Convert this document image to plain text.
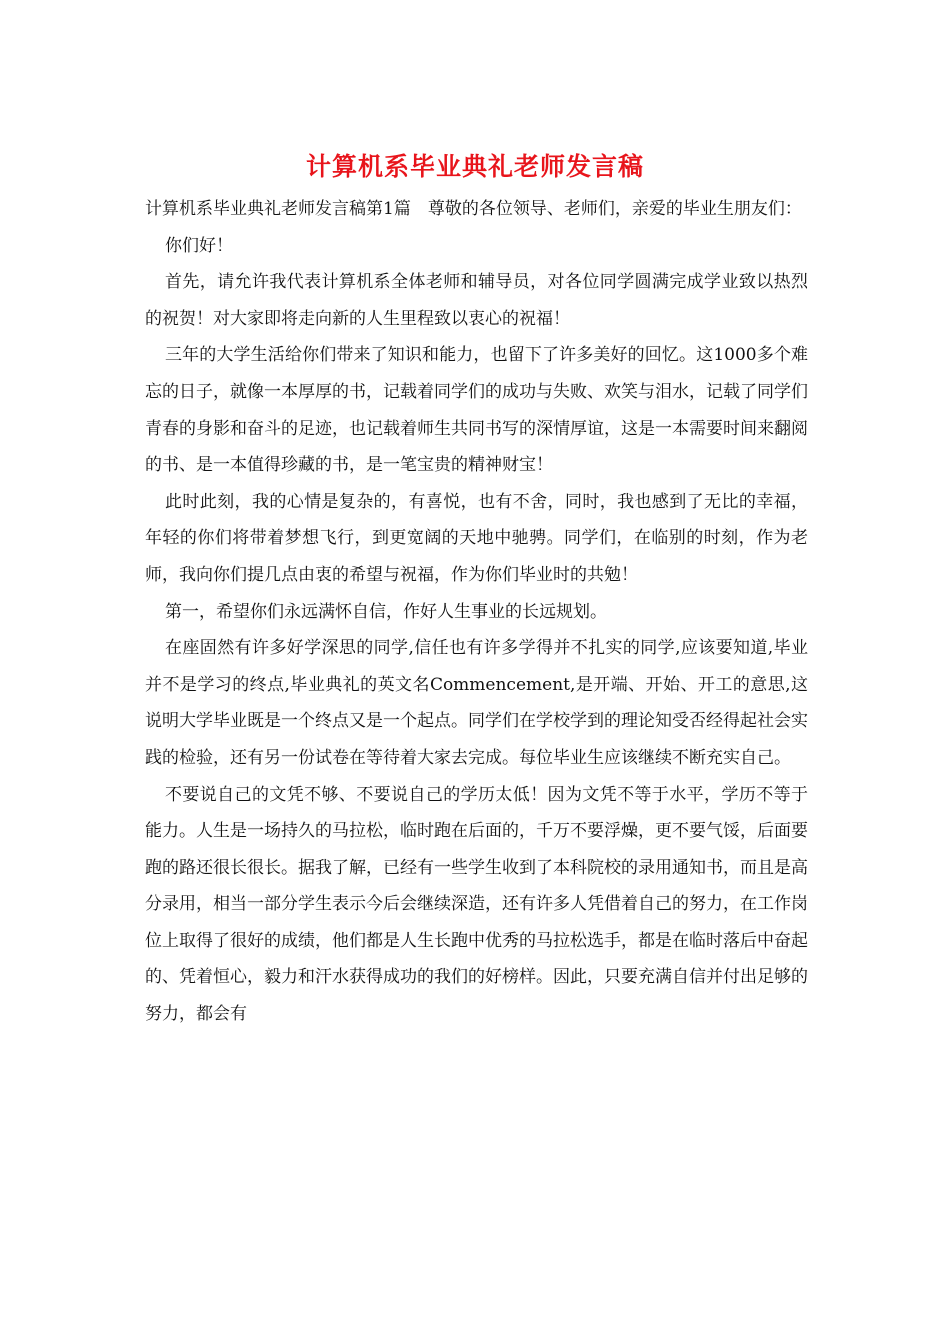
计算机系毕业典礼老师发言稿

计算机系毕业典礼老师发言稿第1篇　尊敬的各位领导、老师们，亲爱的毕业生朋友们：

你们好！

首先，请允许我代表计算机系全体老师和辅导员，对各位同学圆满完成学业致以热烈的祝贺！对大家即将走向新的人生里程致以衷心的祝福！

三年的大学生活给你们带来了知识和能力，也留下了许多美好的回忆。这1000多个难忘的日子，就像一本厚厚的书，记载着同学们的成功与失败、欢笑与泪水，记载了同学们青春的身影和奋斗的足迹，也记载着师生共同书写的深情厚谊，这是一本需要时间来翻阅的书、是一本值得珍藏的书，是一笔宝贵的精神财宝！

此时此刻，我的心情是复杂的，有喜悦，也有不舍，同时，我也感到了无比的幸福，年轻的你们将带着梦想飞行，到更宽阔的天地中驰骋。同学们，在临别的时刻，作为老师，我向你们提几点由衷的希望与祝福，作为你们毕业时的共勉！

第一，希望你们永远满怀自信，作好人生事业的长远规划。

在座固然有许多好学深思的同学,信任也有许多学得并不扎实的同学,应该要知道,毕业并不是学习的终点,毕业典礼的英文名Commencement,是开端、开始、开工的意思,这说明大学毕业既是一个终点又是一个起点。同学们在学校学到的理论知受否经得起社会实践的检验，还有另一份试卷在等待着大家去完成。每位毕业生应该继续不断充实自己。

不要说自己的文凭不够、不要说自己的学历太低！因为文凭不等于水平，学历不等于能力。人生是一场持久的马拉松，临时跑在后面的，千万不要浮燥，更不要气馁，后面要跑的路还很长很长。据我了解，已经有一些学生收到了本科院校的录用通知书，而且是高分录用，相当一部分学生表示今后会继续深造，还有许多人凭借着自己的努力，在工作岗位上取得了很好的成绩，他们都是人生长跑中优秀的马拉松选手，都是在临时落后中奋起的、凭着恒心，毅力和汗水获得成功的我们的好榜样。因此，只要充满自信并付出足够的努力，都会有
